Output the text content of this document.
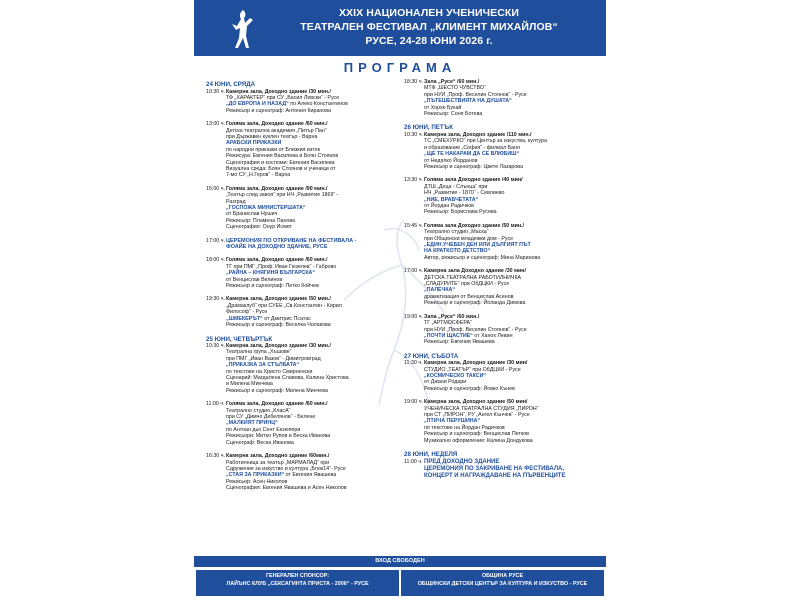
XXIX НАЦИОНАЛЕН УЧЕНИЧЕСКИ
ТЕАТРАЛЕН ФЕСТИВАЛ „КЛИМЕНТ МИХАЙЛОВ“
РУСЕ, 24-28 ЮНИ 2026 г.
ПРОГРАМА
24 ЮНИ, СРЯДА
10:30 ч. Камерна зала, Доходно здание /30 мин./
ТФ „ХАРАКТЕР“ при СУ „Васил Левски“ - Русе
„ДО ЕВРОПА И НАЗАД“ по Алеко Константинов
Режисьор и сценограф: Антония Киранова
13:00 ч. Голяма зала, Доходно здание /60 мин./
Детска театрална академия „Питър Пан“
при Държавен куклен театър - Варна
АРАБСКИ ПРИКАЗКИ
по народни приказки от Близкия изток
Режисура: Евгения Василева и Боян Стоянов
Сценография и костюми: Евгения Василева
Визуална среда: Боян Стоянов и ученици от
7-мо СУ „Н.Геров“ - Варна
15:00 ч. Голяма зала, Доходно здание /90 мин./
„Театър след завоя“ при НЧ „Развитие 1869“ -
Разград
„ГОСПОЖА МИНИСТЕРШАТА“
от Бранислав Нушич
Режисьор: Пламена Панова
Сценография: Онур Исмет
17:00 ч. ЦЕРЕМОНИЯ ПО ОТКРИВАНЕ НА ФЕСТИВАЛА -
ФОАЙЕ НА ДОХОДНО ЗДАНИЕ, РУСЕ
18:00 ч. Голяма зала, Доходно здание /60 мин./
ТГ при ПМГ „Проф. Иван Гюзелев“ - Габрово
„РАЙНА – КНЯГИНЯ БЪЛГАРСКА“
от Венцислав Велинов
Режисьор и сценограф: Петко Койчев
19:30 ч. Камерна зала, Доходно здание /50 мин./
„Драмаклуб“ при СУЕЕ „Св.Константин - Кирил
Философ“ - Русе
„ШМЕКЕРЪТ“ от Дмитрис Псатас
Режисьор и сценограф: Веселка Чолакова
25 ЮНИ, ЧЕТВЪРТЪК
10:30 ч. Камерна зала, Доходно здание /30 мин./
Театрална група „Хъшове“
при ПМГ „Иван Вазов“ - Димитровград
„ПРИКАЗКА ЗА СТЪЛБАТА“
по текстове на Христо Смирненски
Сценарий: Магдалена Славова, Калина Христова
и Милена Минчева
Режисьор и сценограф: Милена Минчева
11:00 ч. Голяма зала, Доходно здание /60 мин./
Театрално студио „КласА“
при СУ „Димчо Дебелянов“ - Белене
„МАЛКИЯТ ПРИНЦ“
по Антоан дьо Сент Екзюпери
Режисьори: Митко Рупов и Веска Иванова
Сценограф: Веска Иванова
16:30 ч. Камерна зала, Доходно здание /60мин./
Работилница за театър „МАРМАЛАД“ при
Сдружение за изкуство и култура „Блок14“- Русе
„СТАЯ ЗА ПРИКАЗКИ“ от Евгения Явашева
Режисьор: Асен Николов
Сценография: Евгения Явашева и Асен Николов
18:30 ч. Зала „Русе“ /60 мин./
МТФ „ШЕСТО ЧУВСТВО“
при НУИ „Проф. Веселин Стоянов“ - Русе
„ПЪТЕШЕСТВИЯТА НА ДУШАТА“
от Хорхе Букай
Режисьор: Соня Ботева
26 ЮНИ, ПЕТЪК
10:30 ч. Камерна зала, Доходно здание /110 мин./
ТС „СМЕХУРКО“ при Център за изкуства, култура
и образование „София“ - филиал Баня
„ЩЕ ТЕ НАКАРАМ ДА СЕ ВЛЮБИШ“
от Недялко Йорданов
Режисьор и сценограф: Цвете Лазарова
13:30 ч. Голяма зала Доходно здание /40 мин/
ДТШ „Деца - Слънца“ при
НЧ „Развитие - 1870“ - Севлиево
„НИЕ, ВРАБЧЕТАТА“
от Йордан Радичков
Режисьор: Бориславa Русева
15:45 ч. Голяма зала Доходно здание /50 мин./
Театрално студио „Маска“
при Общински младежки дом - Русе
„ЕДИН УЧЕБЕН ДЕН ИЛИ ДЪЛГИЯТ ПЪТ
НА КРАТКОТО ДЕТСТВО“
Автор, режисьор и сценограф: Мина Маринова
17:00 ч. Камерна зала Доходно здание /30 мин/
ДЕТСКА ТЕАТРАЛНА РАБОТИЛНИЧКА
„СЛАДУРИТЕ“ при ОбДЦКИ - Русе
„ПАЛЕЧКА“
драматизация от Венцислав Асенов
Режисьор и сценограф: Йоланда Димова
19:00 ч. Зала „Русе“ /60 мин./
ТГ „АРТМОСФЕРА“
при НУИ „Проф. Веселин Стоянов“ - Русе
„ПОЧТИ ЩАСТИЕ“ от Ханох Левин
Режисьор: Евгения Явашева
27 ЮНИ, СЪБОТА
11:30 ч. Камерна зала, Доходно здание /30 мин/
СТУДИО „ТЕАТЪР“ при ОбДЦКИ - Русе
„КОСМИЧЕСКО ТАКСИ“
от Джани Родари
Режисьор и сценограф: Йовко Кънев
19:00 ч. Камерна зала, Доходно здание /50 мин/
УЧЕНИЧЕСКА ТЕАТРАЛНА СТУДИЯ „ПИРОН“
при СТ „ПИРОН“, РУ „Ангел Кънчев“ - Русе
„ПТИЧА ПЕРУШИНА“
по текстове на Йордан Радичков
Режисьор и сценограф: Венцислав Петков
Музикално оформление: Калина Дондукова
28 ЮНИ, НЕДЕЛЯ
11:00 ч. ПРЕД ДОХОДНО ЗДАНИЕ
ЦЕРЕМОНИЯ ПО ЗАКРИВАНЕ НА ФЕСТИВАЛА,
КОНЦЕРТ И НАГРАЖДАВАНЕ НА ПЪРВЕНЦИТЕ
ВХОД СВОБОДЕН
ГЕНЕРАЛЕН СПОНСОР:
ЛАЙЪНС КЛУБ „СЕКСАГИНТА ПРИСТА - 2006“ - РУСЕ
ОБЩИНА РУСЕ
ОБЩИНСКИ ДЕТСКИ ЦЕНТЪР ЗА КУЛТУРА И ИЗКУСТВО - РУСЕ
